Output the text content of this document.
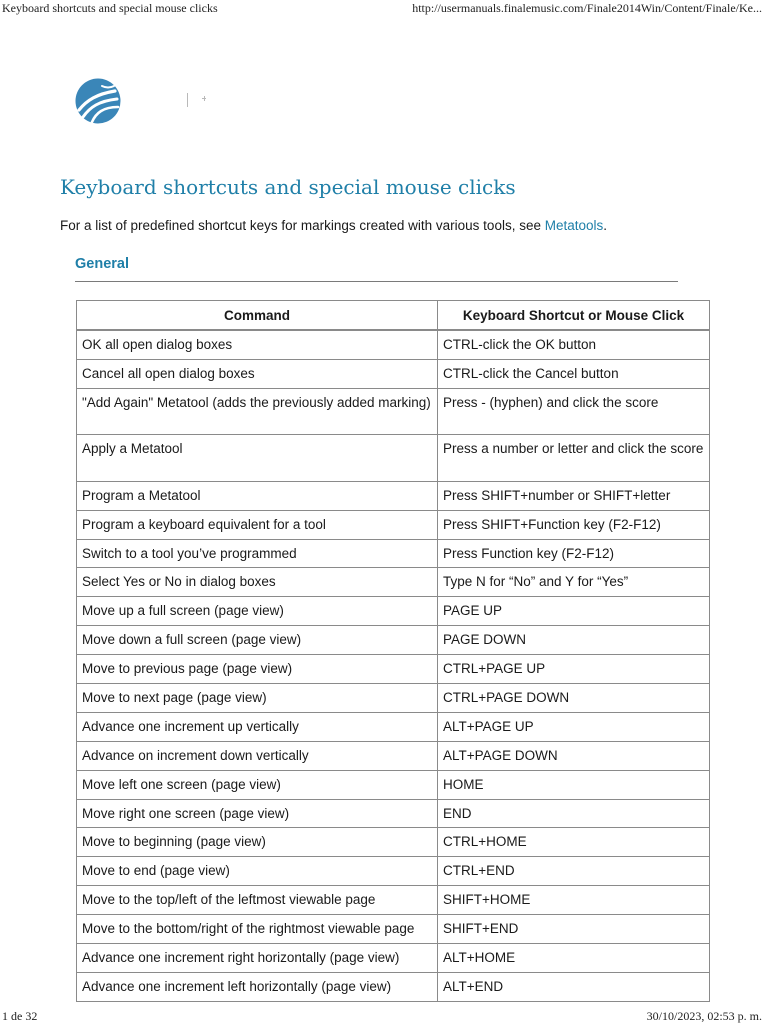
Keyboard shortcuts and special mouse clicks	http://usermanuals.finalemusic.com/Finale2014Win/Content/Finale/Ke...
Keyboard shortcuts and special mouse clicks

For a list of predefined shortcut keys for markings created with various tools, see Metatools.

General
Command	Keyboard Shortcut or Mouse Click
OK all open dialog boxes	CTRL-click the OK button
Cancel all open dialog boxes	CTRL-click the Cancel button
"Add Again" Metatool (adds the previously added marking)	Press - (hyphen) and click the score
Apply a Metatool	Press a number or letter and click the score
Program a Metatool	Press SHIFT+number or SHIFT+letter
Program a keyboard equivalent for a tool	Press SHIFT+Function key (F2-F12)
Switch to a tool you’ve programmed	Press Function key (F2-F12)
Select Yes or No in dialog boxes	Type N for “No” and Y for “Yes”
Move up a full screen (page view)	PAGE UP
Move down a full screen (page view)	PAGE DOWN
Move to previous page (page view)	CTRL+PAGE UP
Move to next page (page view)	CTRL+PAGE DOWN
Advance one increment up vertically	ALT+PAGE UP
Advance on increment down vertically	ALT+PAGE DOWN
Move left one screen (page view)	HOME
Move right one screen (page view)	END
Move to beginning (page view)	CTRL+HOME
Move to end (page view)	CTRL+END
Move to the top/left of the leftmost viewable page	SHIFT+HOME
Move to the bottom/right of the rightmost viewable page	SHIFT+END
Advance one increment right horizontally (page view)	ALT+HOME
Advance one increment left horizontally (page view)	ALT+END
1 de 32	30/10/2023, 02:53 p. m.
